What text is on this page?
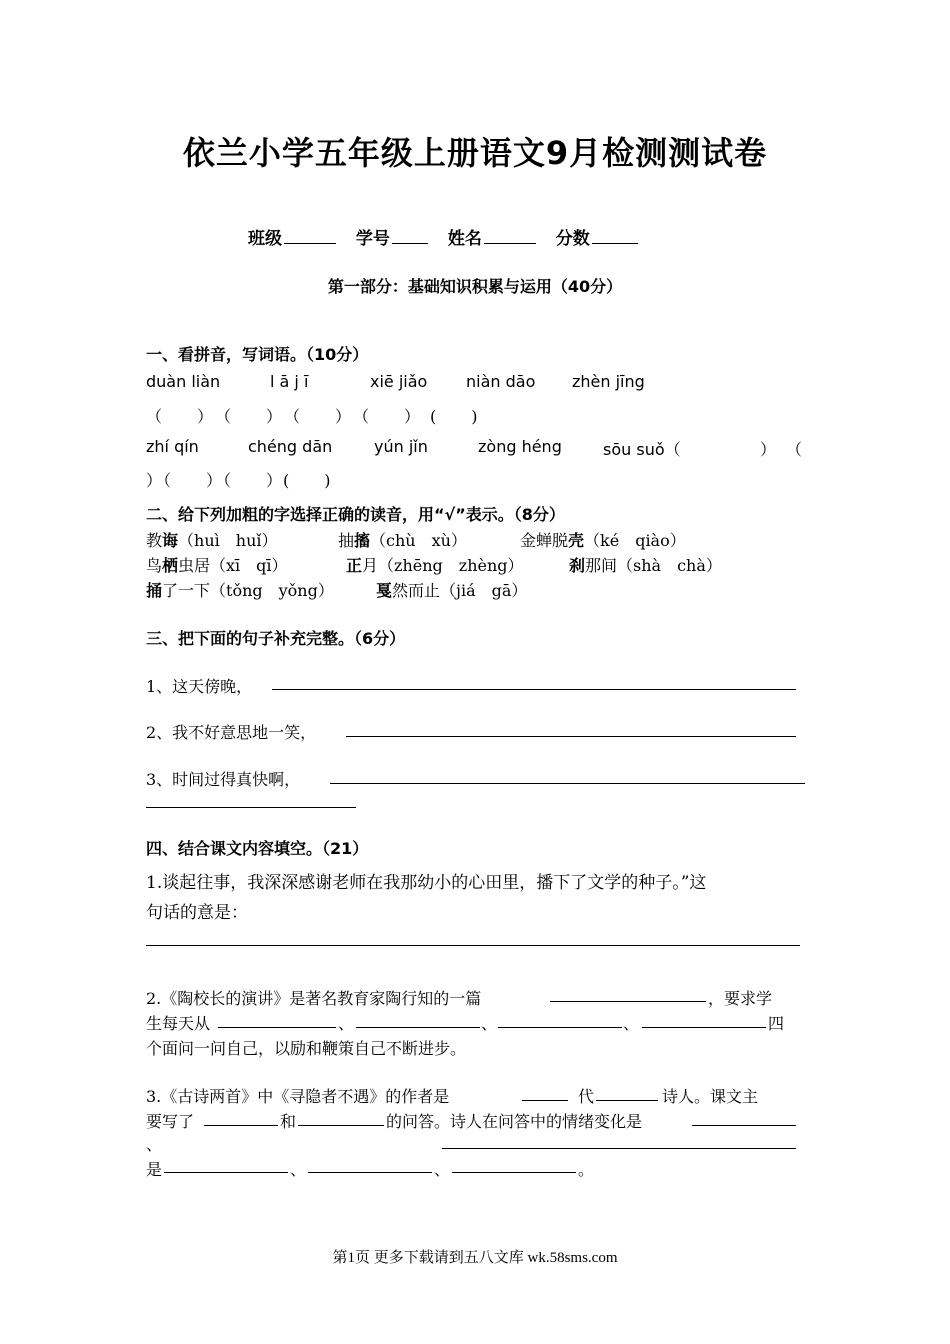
依兰小学五年级上册语文9月检测测试卷
班级	学号	姓名	分数
第一部分：基础知识积累与运用（40分）
一、看拼音，写词语。（10分）
duàn liàn	l ā j ī	xiē jiǎo niàn dāo zhèn jīng
（　　）　（　　）　（　　）　（　　）　(　　)
zhí qín	chéng dān	yún jǐn	zòng héng	sōu suǒ（	）（
）（　　）（　　）(　　)
二、给下列加粗的字选择正确的读音，用“√”表示。（8分）
教诲（huì　huǐ）	抽搐（chù　xù）	金蝉脱壳（ké　qiào）
鸟栖虫居（xī　qī）	正月（zhēng　zhèng）	刹那间（shà　chà）
捅了一下（tǒng　yǒng）	戛然而止（jiá　gā）
三、把下面的句子补充完整。（6分）
1、这天傍晚，
2、我不好意思地一笑，
3、时间过得真快啊，
四、结合课文内容填空。（21）
1.谈起往事，我深深感谢老师在我那幼小的心田里，播下了文学的种子。”这
句话的意是：
2.《陶校长的演讲》是著名教育家陶行知的一篇	，要求学
生每天从	、	、	、	四
个面问一问自己，以励和鞭策自己不断进步。
3.《古诗两首》中《寻隐者不遇》的作者是	代	诗人。课文主
要写了	和	的问答。诗人在问答中的情绪变化是
、
是	、	、	。
第1页 更多下载请到五八文库 wk.58sms.com
